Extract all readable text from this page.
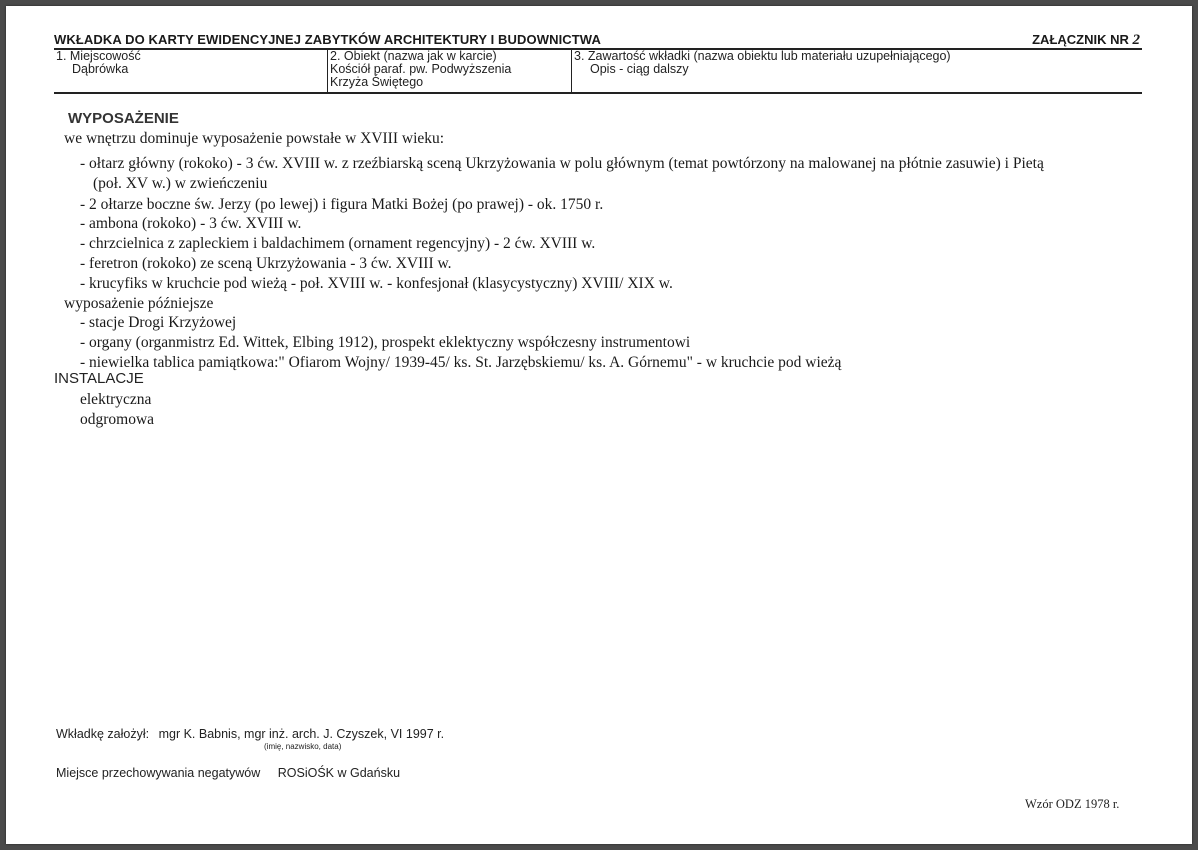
WKŁADKA DO KARTY EWIDENCYJNEJ ZABYTKÓW ARCHITEKTURY I BUDOWNICTWA	ZAŁĄCZNIK NR 2
1. Miejscowość
Dąbrówka
2. Obiekt (nazwa jak w karcie)
Kościół paraf. pw. Podwyższenia
Krzyża Świętego
3. Zawartość wkładki (nazwa obiektu lub materiału uzupełniającego)
Opis - ciąg dalszy
WYPOSAŻENIE
we wnętrzu dominuje wyposażenie powstałe w XVIII wieku:
- ołtarz główny (rokoko) - 3 ćw. XVIII w. z rzeźbiarską sceną Ukrzyżowania w polu głównym (temat powtórzony na malowanej na płótnie zasuwie) i Pietą
(poł. XV w.) w zwieńczeniu
- 2 ołtarze boczne św. Jerzy (po lewej) i figura Matki Bożej (po prawej) - ok. 1750 r.
- ambona (rokoko) - 3 ćw. XVIII w.
- chrzcielnica z zapleckiem i baldachimem (ornament regencyjny) - 2 ćw. XVIII w.
- feretron (rokoko) ze sceną Ukrzyżowania - 3 ćw. XVIII w.
- krucyfiks w kruchcie pod wieżą - poł. XVIII w. - konfesjonał (klasycystyczny) XVIII/ XIX w.
wyposażenie późniejsze
- stacje Drogi Krzyżowej
- organy (organmistrz Ed. Wittek, Elbing 1912), prospekt eklektyczny współczesny instrumentowi
- niewielka tablica pamiątkowa:" Ofiarom Wojny/ 1939-45/ ks. St. Jarzębskiemu/ ks. A. Górnemu" - w kruchcie pod wieżą
INSTALACJE
elektryczna
odgromowa
Wkładkę założył: mgr K. Babnis, mgr inż. arch. J. Czyszek, VI 1997 r.
(imię, nazwisko, data)
Miejsce przechowywania negatywów ROSiOŚK w Gdańsku
Wzór ODZ 1978 r.
